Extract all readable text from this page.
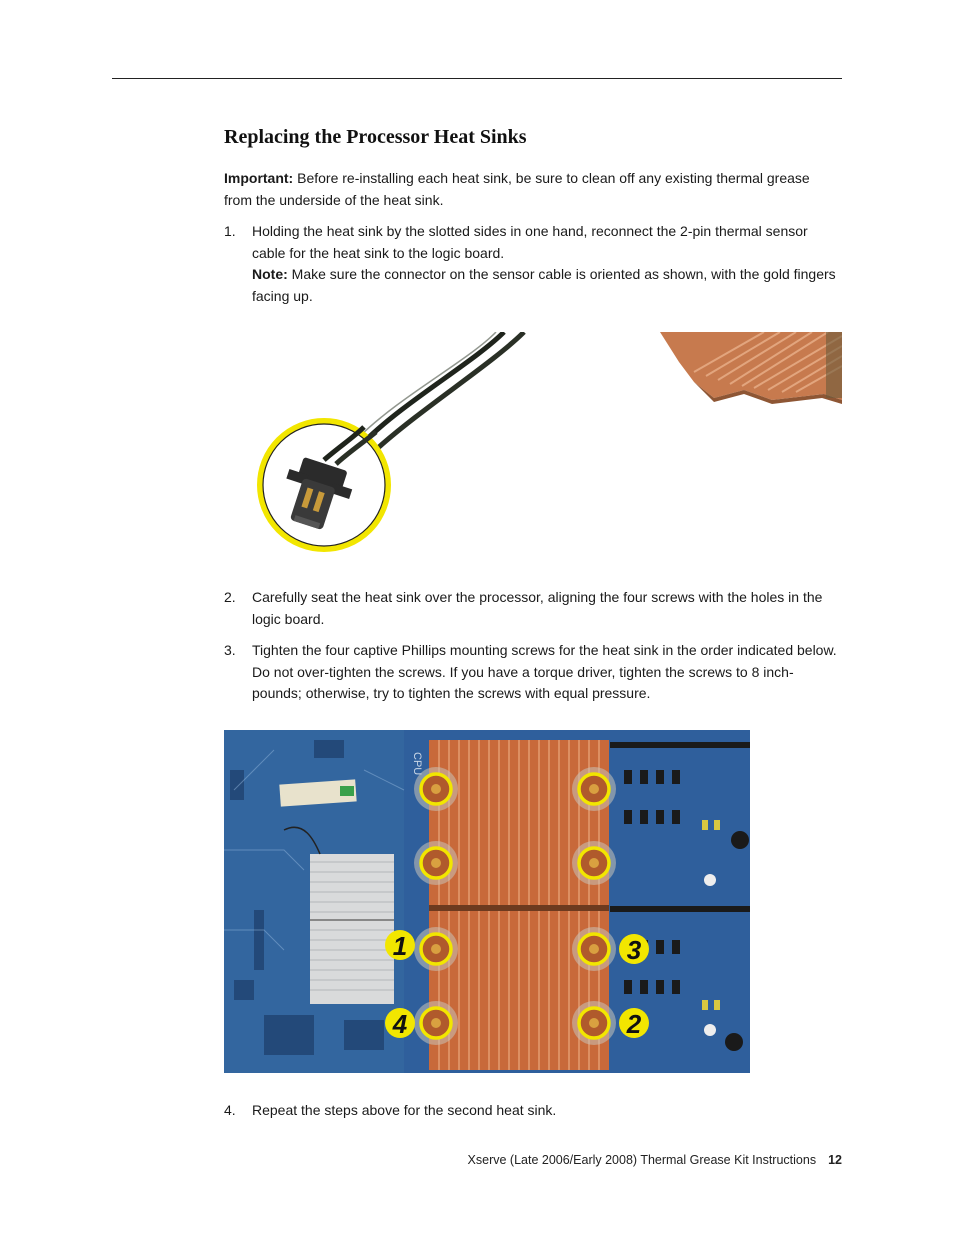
Replacing the Processor Heat Sinks
Important: Before re-installing each heat sink, be sure to clean off any existing thermal grease from the underside of the heat sink.
1.	Holding the heat sink by the slotted sides in one hand, reconnect the 2-pin thermal sensor cable for the heat sink to the logic board.
Note: Make sure the connector on the sensor cable is oriented as shown, with the gold fingers facing up.
2.	Carefully seat the heat sink over the processor, aligning the four screws with the holes in the logic board.
3.	Tighten the four captive Phillips mounting screws for the heat sink in the order indicated below. Do not over-tighten the screws. If you have a torque driver, tighten the screws to 8 inch-pounds; otherwise, try to tighten the screws with equal pressure.
1
2
3
4
CPU
4.	Repeat the steps above for the second heat sink.
Xserve (Late 2006/Early 2008) Thermal Grease Kit Instructions 12
